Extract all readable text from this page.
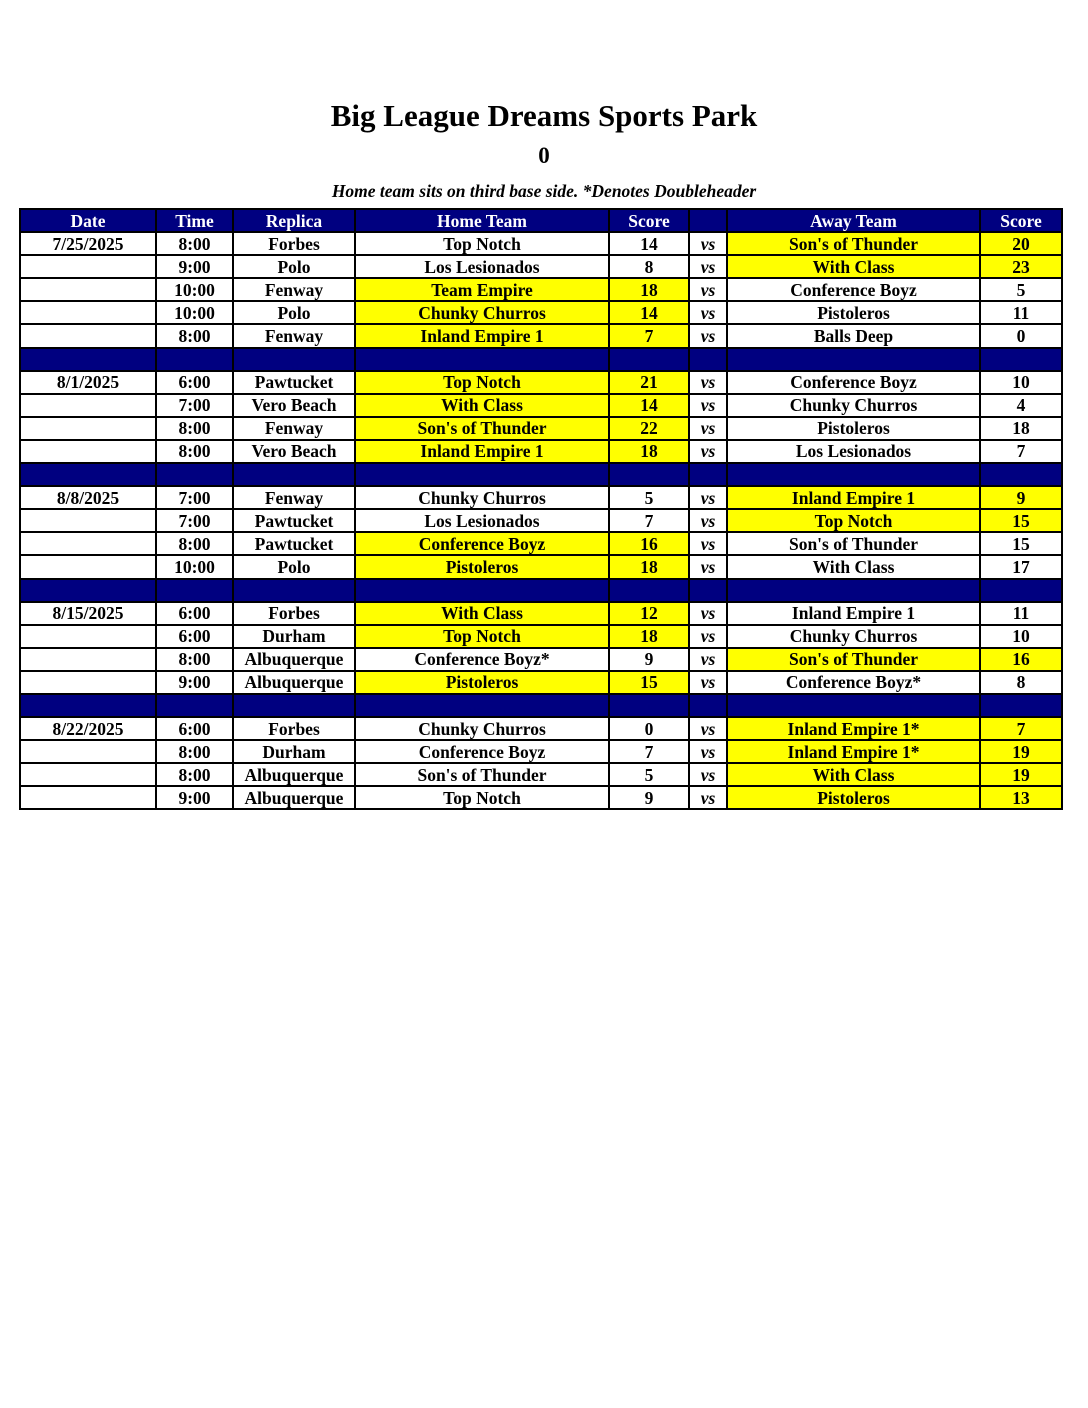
Big League Dreams Sports Park
0
Home team sits on third base side. *Denotes Doubleheader
Date	Time	Replica	Home Team	Score		Away Team	Score
7/25/2025	8:00	Forbes	Top Notch	14	vs	Son's of Thunder	20
	9:00	Polo	Los Lesionados	8	vs	With Class	23
	10:00	Fenway	Team Empire	18	vs	Conference Boyz	5
	10:00	Polo	Chunky Churros	14	vs	Pistoleros	11
	8:00	Fenway	Inland Empire 1	7	vs	Balls Deep	0

8/1/2025	6:00	Pawtucket	Top Notch	21	vs	Conference Boyz	10
	7:00	Vero Beach	With Class	14	vs	Chunky Churros	4
	8:00	Fenway	Son's of Thunder	22	vs	Pistoleros	18
	8:00	Vero Beach	Inland Empire 1	18	vs	Los Lesionados	7

8/8/2025	7:00	Fenway	Chunky Churros	5	vs	Inland Empire 1	9
	7:00	Pawtucket	Los Lesionados	7	vs	Top Notch	15
	8:00	Pawtucket	Conference Boyz	16	vs	Son's of Thunder	15
	10:00	Polo	Pistoleros	18	vs	With Class	17

8/15/2025	6:00	Forbes	With Class	12	vs	Inland Empire 1	11
	6:00	Durham	Top Notch	18	vs	Chunky Churros	10
	8:00	Albuquerque	Conference Boyz*	9	vs	Son's of Thunder	16
	9:00	Albuquerque	Pistoleros	15	vs	Conference Boyz*	8

8/22/2025	6:00	Forbes	Chunky Churros	0	vs	Inland Empire 1*	7
	8:00	Durham	Conference Boyz	7	vs	Inland Empire 1*	19
	8:00	Albuquerque	Son's of Thunder	5	vs	With Class	19
	9:00	Albuquerque	Top Notch	9	vs	Pistoleros	13
